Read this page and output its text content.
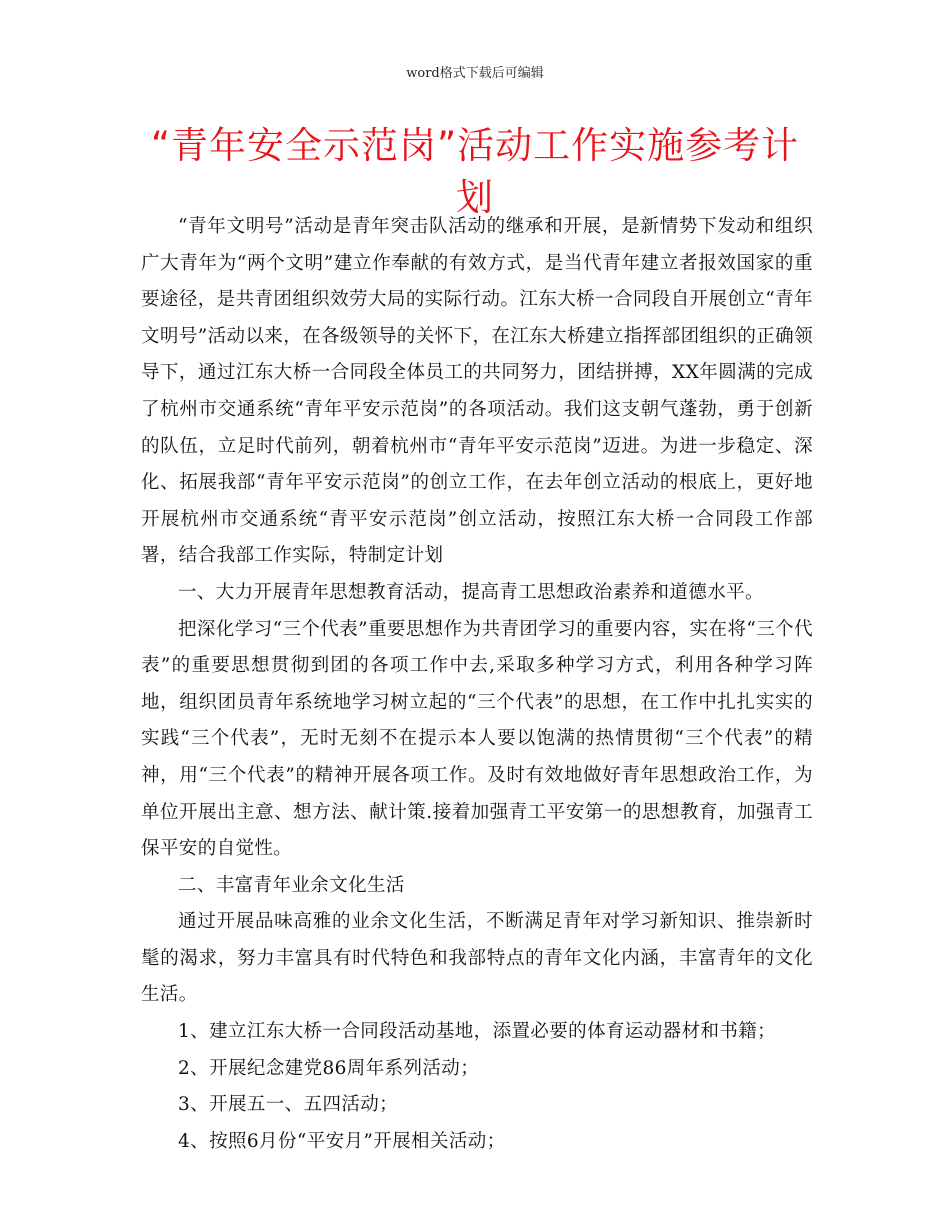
word格式下载后可编辑
“青年安全示范岗”活动工作实施参考计划

“青年文明号”活动是青年突击队活动的继承和开展，是新情势下发动和组织广大青年为“两个文明”建立作奉献的有效方式，是当代青年建立者报效国家的重要途径，是共青团组织效劳大局的实际行动。江东大桥一合同段自开展创立“青年文明号”活动以来，在各级领导的关怀下，在江东大桥建立指挥部团组织的正确领导下，通过江东大桥一合同段全体员工的共同努力，团结拼搏，XX年圆满的完成了杭州市交通系统“青年平安示范岗”的各项活动。我们这支朝气蓬勃，勇于创新的队伍，立足时代前列，朝着杭州市“青年平安示范岗”迈进。为进一步稳定、深化、拓展我部“青年平安示范岗”的创立工作，在去年创立活动的根底上，更好地开展杭州市交通系统“青平安示范岗”创立活动，按照江东大桥一合同段工作部署，结合我部工作实际，特制定计划

一、大力开展青年思想教育活动，提高青工思想政治素养和道德水平。

把深化学习“三个代表”重要思想作为共青团学习的重要内容，实在将“三个代表”的重要思想贯彻到团的各项工作中去,采取多种学习方式，利用各种学习阵地，组织团员青年系统地学习树立起的“三个代表”的思想，在工作中扎扎实实的实践“三个代表”，无时无刻不在提示本人要以饱满的热情贯彻“三个代表”的精神，用“三个代表”的精神开展各项工作。及时有效地做好青年思想政治工作，为单位开展出主意、想方法、献计策.接着加强青工平安第一的思想教育，加强青工保平安的自觉性。

二、丰富青年业余文化生活

通过开展品味高雅的业余文化生活，不断满足青年对学习新知识、推崇新时髦的渴求，努力丰富具有时代特色和我部特点的青年文化内涵，丰富青年的文化生活。

1、建立江东大桥一合同段活动基地，添置必要的体育运动器材和书籍；

2、开展纪念建党86周年系列活动；

3、开展五一、五四活动；

4、按照6月份“平安月”开展相关活动；
